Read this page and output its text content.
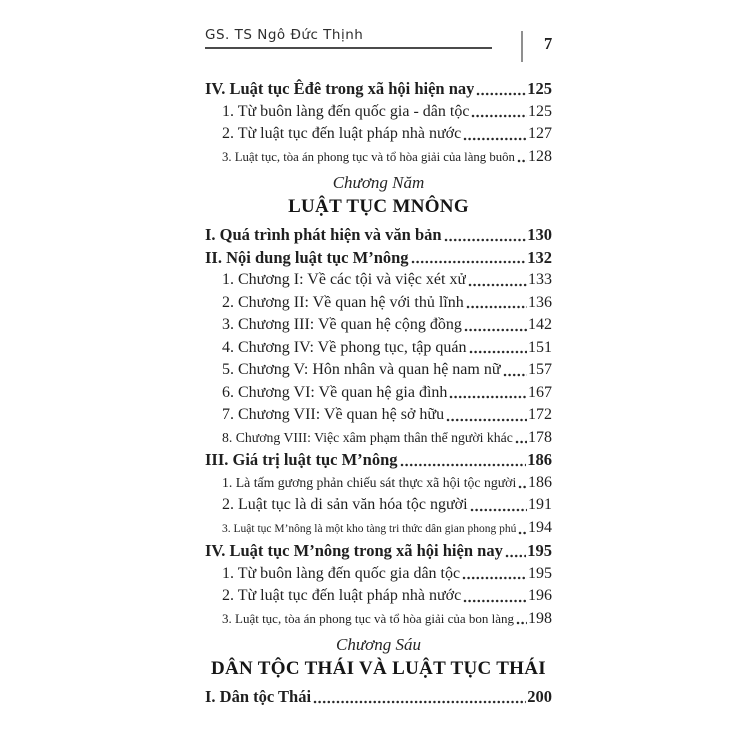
GS. TS Ngô Đức Thịnh	7
IV. Luật tục Êđê trong xã hội hiện nay	125
1. Từ buôn làng đến quốc gia - dân tộc	125
2. Từ luật tục đến luật pháp nhà nước	127
3. Luật tục, tòa án phong tục và tổ hòa giải của làng buôn 128
Chương Năm
LUẬT TỤC MNÔNG
I. Quá trình phát hiện và văn bản	130
II. Nội dung luật tục M’nông	132
1. Chương I: Về các tội và việc xét xử	133
2. Chương II: Về quan hệ với thủ lĩnh	136
3. Chương III: Về quan hệ cộng đồng	142
4. Chương IV: Về phong tục, tập quán	151
5. Chương V: Hôn nhân và quan hệ nam nữ 157
6. Chương VI: Về quan hệ gia đình	167
7. Chương VII: Về quan hệ sở hữu	172
8. Chương VIII: Việc xâm phạm thân thể người khác 178
III. Giá trị luật tục M’nông	186
1. Là tấm gương phản chiếu sát thực xã hội tộc người 186
2. Luật tục là di sản văn hóa tộc người	191
3. Luật tục M’nông là một kho tàng tri thức dân gian phong phú 194
IV. Luật tục M’nông trong xã hội hiện nay 195
1. Từ buôn làng đến quốc gia dân tộc	195
2. Từ luật tục đến luật pháp nhà nước	196
3. Luật tục, tòa án phong tục và tổ hòa giải của bon làng 198
Chương Sáu
DÂN TỘC THÁI VÀ LUẬT TỤC THÁI
I. Dân tộc Thái	200
